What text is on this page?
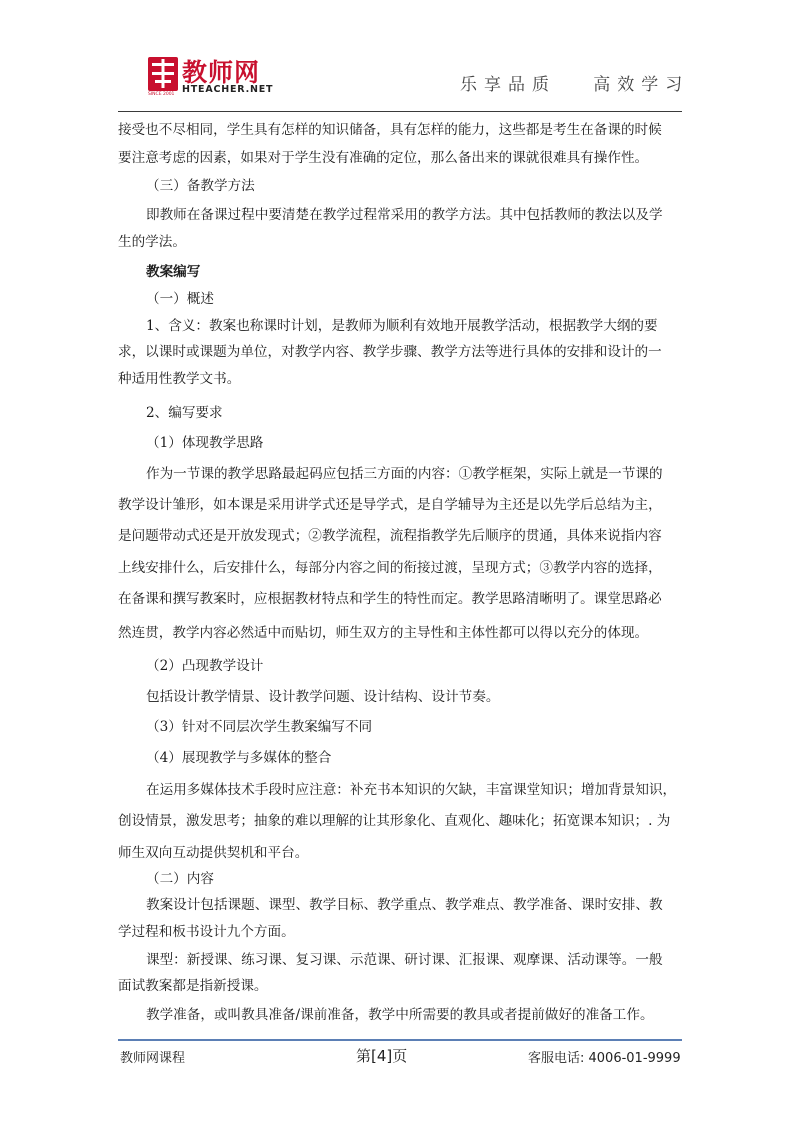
教师网
HTEACHER.NET
SINCE 2001	乐享品质   高效学习
接受也不尽相同，学生具有怎样的知识储备，具有怎样的能力，这些都是考生在备课的时候
要注意考虑的因素，如果对于学生没有准确的定位，那么备出来的课就很难具有操作性。
（三）备教学方法
即教师在备课过程中要清楚在教学过程常采用的教学方法。其中包括教师的教法以及学
生的学法。
教案编写
（一）概述
1、含义：教案也称课时计划，是教师为顺利有效地开展教学活动，根据教学大纲的要
求，以课时或课题为单位，对教学内容、教学步骤、教学方法等进行具体的安排和设计的一
种适用性教学文书。
2、编写要求
（1）体现教学思路
作为一节课的教学思路最起码应包括三方面的内容：①教学框架，实际上就是一节课的
教学设计雏形，如本课是采用讲学式还是导学式，是自学辅导为主还是以先学后总结为主，
是问题带动式还是开放发现式；②教学流程，流程指教学先后顺序的贯通，具体来说指内容
上线安排什么，后安排什么，每部分内容之间的衔接过渡，呈现方式；③教学内容的选择，
在备课和撰写教案时，应根据教材特点和学生的特性而定。教学思路清晰明了。课堂思路必
然连贯，教学内容必然适中而贴切，师生双方的主导性和主体性都可以得以充分的体现。
（2）凸现教学设计
包括设计教学情景、设计教学问题、设计结构、设计节奏。
（3）针对不同层次学生教案编写不同
（4）展现教学与多媒体的整合
在运用多媒体技术手段时应注意：补充书本知识的欠缺，丰富课堂知识；增加背景知识，
创设情景，激发思考；抽象的难以理解的让其形象化、直观化、趣味化；拓宽课本知识；. 为
师生双向互动提供契机和平台。
（二）内容
教案设计包括课题、课型、教学目标、教学重点、教学难点、教学准备、课时安排、教
学过程和板书设计九个方面。
课型：新授课、练习课、复习课、示范课、研讨课、汇报课、观摩课、活动课等。一般
面试教案都是指新授课。
教学准备，或叫教具准备/课前准备，教学中所需要的教具或者提前做好的准备工作。
教师网课程	第[4]页	客服电话: 4006-01-9999
